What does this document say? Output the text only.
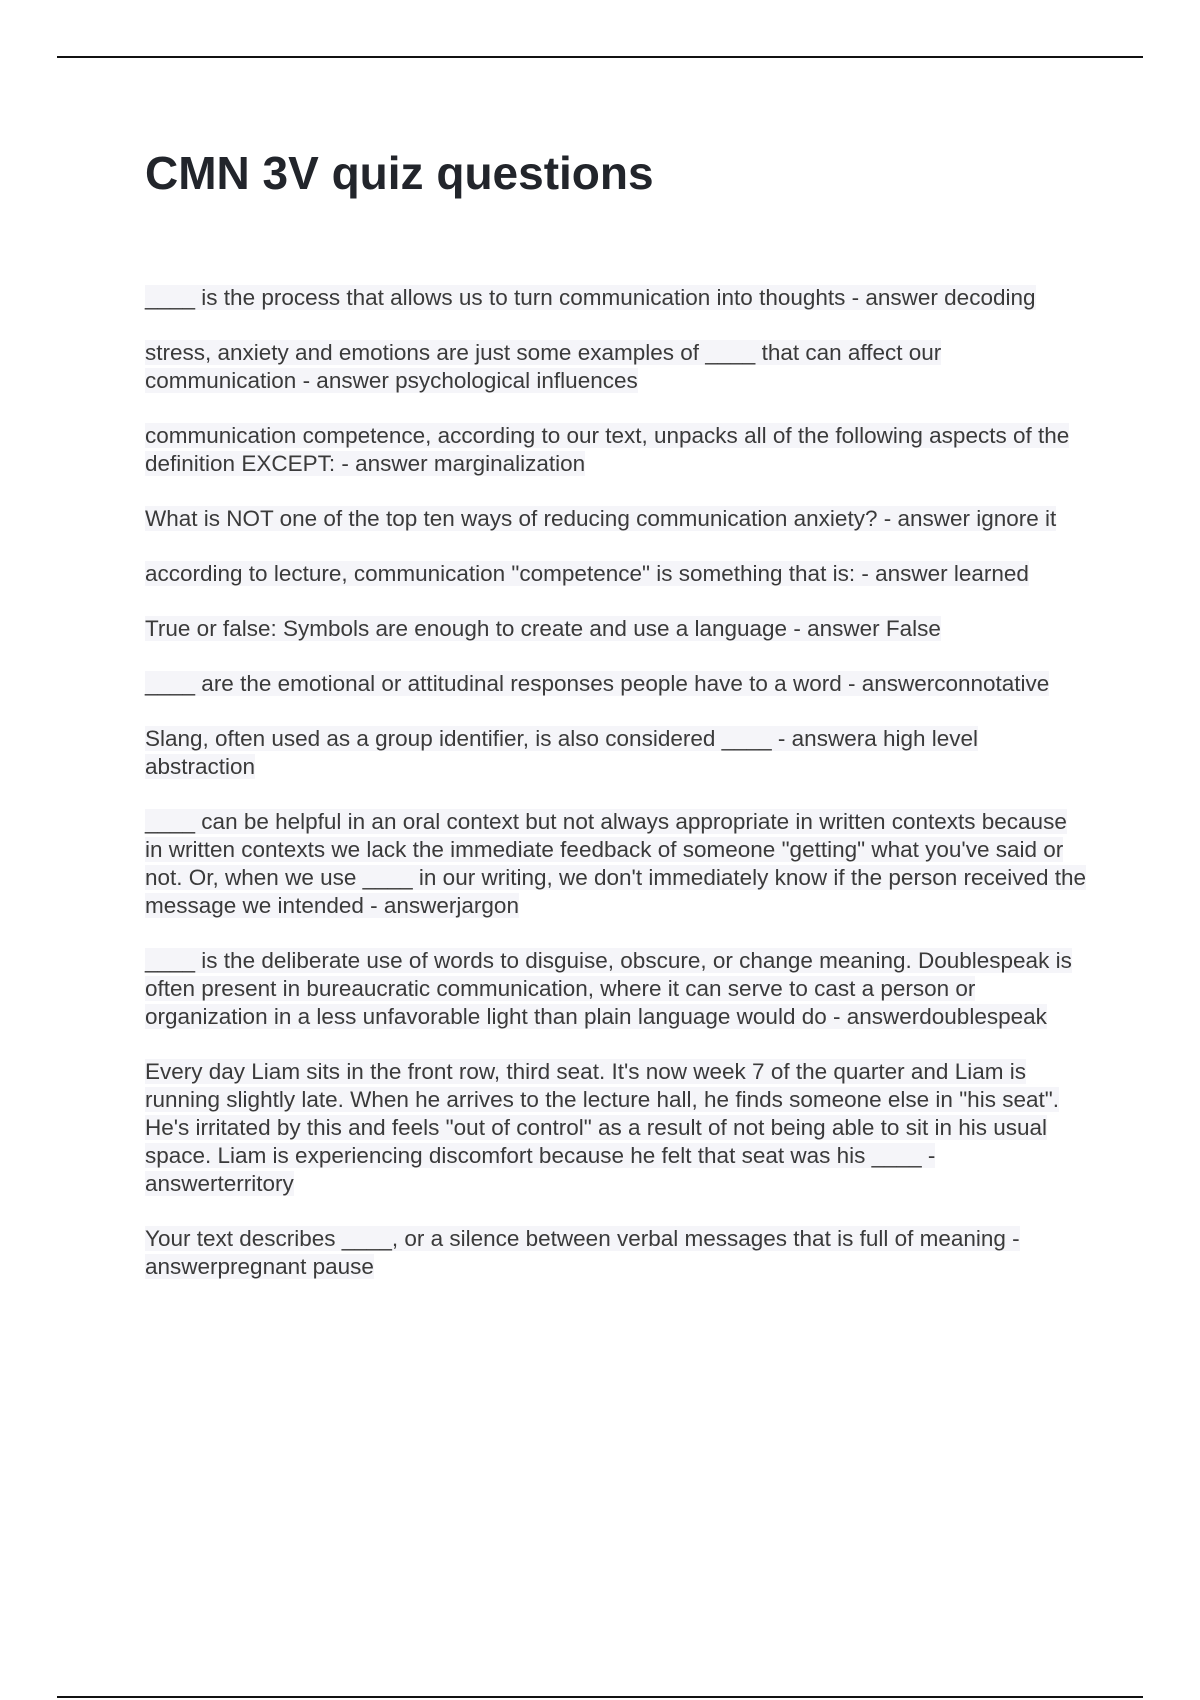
CMN 3V quiz questions
____ is the process that allows us to turn communication into thoughts - answer decoding
stress, anxiety and emotions are just some examples of ____ that can affect our communication - answer psychological influences
communication competence, according to our text, unpacks all of the following aspects of the definition EXCEPT: - answer marginalization
What is NOT one of the top ten ways of reducing communication anxiety? - answer ignore it
according to lecture, communication "competence" is something that is: - answer learned
True or false: Symbols are enough to create and use a language - answer False
____ are the emotional or attitudinal responses people have to a word - answerconnotative
Slang, often used as a group identifier, is also considered ____ - answera high level abstraction
____ can be helpful in an oral context but not always appropriate in written contexts because in written contexts we lack the immediate feedback of someone "getting" what you've said or not. Or, when we use ____ in our writing, we don't immediately know if the person received the message we intended - answerjargon
____ is the deliberate use of words to disguise, obscure, or change meaning. Doublespeak is often present in bureaucratic communication, where it can serve to cast a person or organization in a less unfavorable light than plain language would do - answerdoublespeak
Every day Liam sits in the front row, third seat. It's now week 7 of the quarter and Liam is running slightly late. When he arrives to the lecture hall, he finds someone else in "his seat". He's irritated by this and feels "out of control" as a result of not being able to sit in his usual space. Liam is experiencing discomfort because he felt that seat was his ____ - answerterritory
Your text describes ____, or a silence between verbal messages that is full of meaning - answerpregnant pause
